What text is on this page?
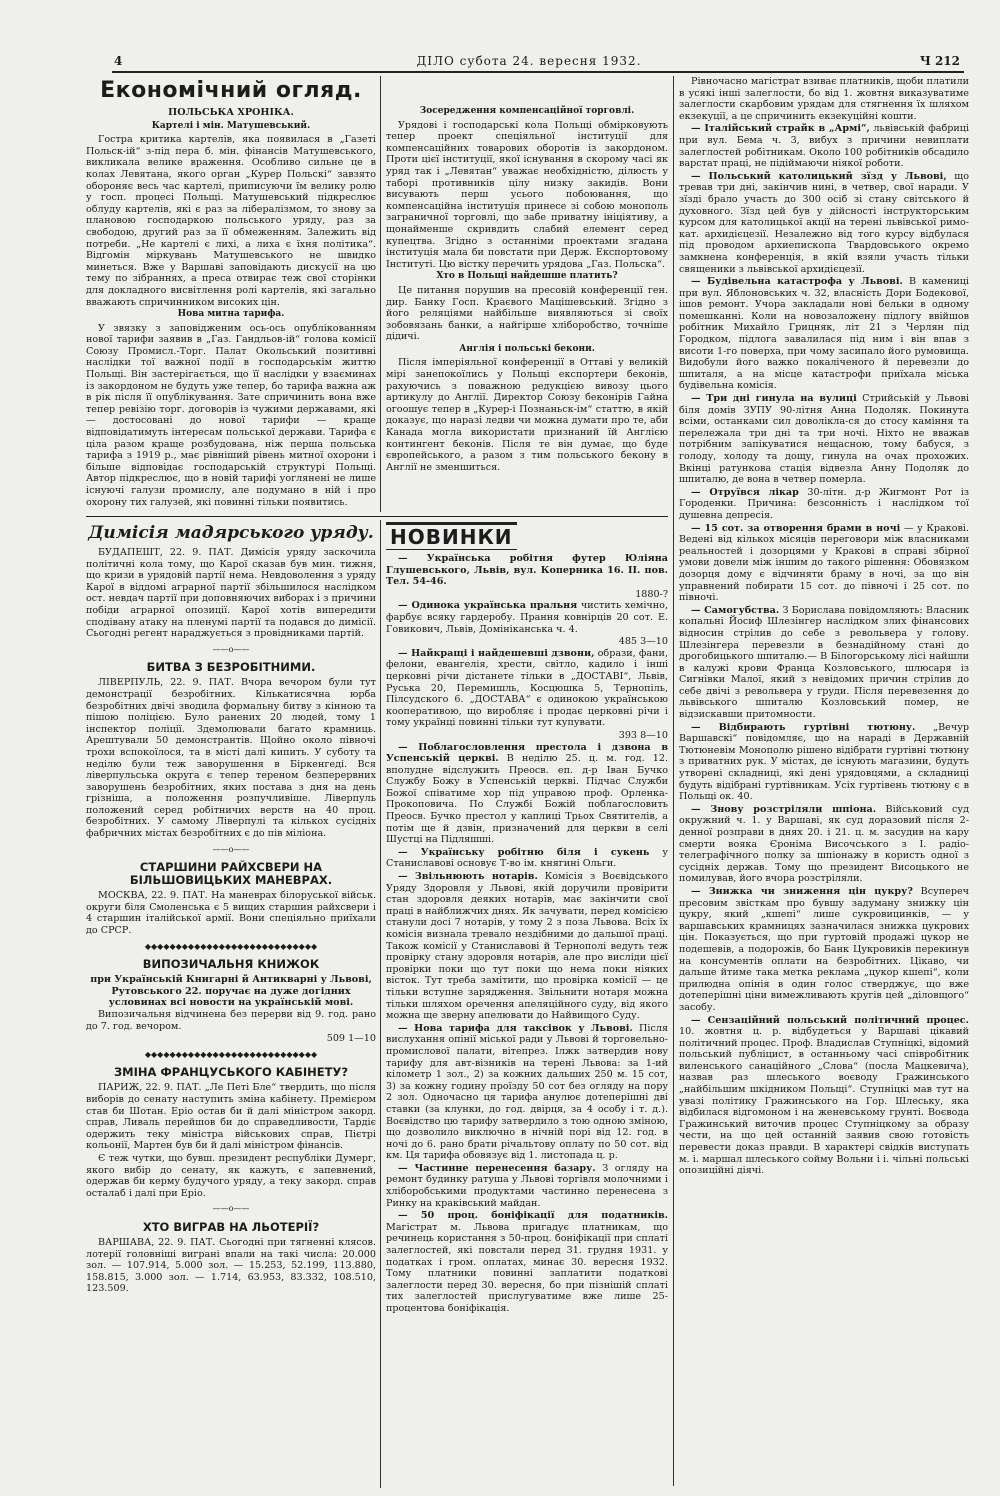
4	ДІЛО субота 24. вересня 1932.	Ч 212
Економічний огляд.
ПОЛЬСЬКА ХРОНІКА.
Картелі і мін. Матушевський.

Гостра критика картелів, яка появилася в „Газеті Польск-ій“ з-під пера б. мін. фінансів Матушевського, викликала велике враження. Особливо сильне це в колах Левятана, якого орган „Курер Польскі“ завзято обороняє весь час картелі, приписуючи їм велику ролю у госп. процесі Польщі. Матушевський підкреслює облуду картелів, які є раз за лібералізмом, то знову за плановою господаркою польського уряду, раз за свободою, другий раз за її обмеженням. Залежить від потреби. „Не картелі є лихі, а лиха є їхня політика“. Відгомін міркувань Матушевського не швидко минеться. Вже у Варшаві заповідають дискусії на цю тему по зібраннях, а преса отвирає теж свої сторінки для докладного висвітлення ролі картелів, які загально вважають спричинником високих цін.

Нова митна тарифа.

У звязку з заповідженим ось-ось опублікованням нової тарифи заявив в „Газ. Гандльов-ій“ голова комісії Союзу Промисл.-Торг. Палат Окольський позитивні наслідки тої важної події в господарськім життю Польщі. Він застерігається, що її наслідки у взаєминах із закордоном не будуть уже тепер, бо тарифа важна аж в рік після її опублікування. Зате спричинить вона вже тепер ревізію торг. договорів із чужими державами, які — достосовані до нової тарифи — краще відповідатимуть інтересам польської держави. Тарифа є ціла разом краще розбудована, ніж перша польська тарифа з 1919 р., має рівніший рівень митної охорони і більше відповідає господарській структурі Польщі. Автор підкреслює, що в новій тарифі уоглянені не лише існуючі галузи промислу, але подумано в ній і про охорону тих галузей, які повинні тільки появитись.

Зосередження компенсаційної торговлі.

Урядові і господарські кола Польщі обмірковують тепер проект спеціяльної інституції для компенсаційних товарових оборотів із закордоном. Проти цієї інституції, якої існування в скорому часі як уряд так і „Левятан“ уважає необхідністю, ділюсть у таборі противників цілу низку закидів. Вони висувають перш усього побоювання, що компенсаційна інституція принесе зі собою монополь заграничної торговлі, що забе приватну ініціятиву, а щонайменше скривдить слабий елемент серед купецтва. Згідно з останніми проектами згадана інституція мала би повстати при Держ. Експортовому Інституті. Цю вістку перечить урядова „Газ. Польска“.

Хто в Польщі найдешше платить?

Це питання порушив на пресовій конференції ген. дир. Банку Госп. Краєвого Мацішевський. Згідно з його реляціями найбільше виявляються зі своїх зобовязань банки, а найгірше хліборобство, точніше дідичі.

Англія і польські бекони.

Після імперіяльної конференції в Оттаві у великій мірі занепокоїлись у Польщі експортери беконів, рахуючись з поважною редукцією вивозу цього артикулу до Англії. Директор Союзу беконірів Гайна огоошує тепер в „Курер-і Познаньск-ім“ статтю, в якій доказує, що наразі ледви чи можна думати про те, аби Канада могла використати признаний їй Англією контингент беконів. Після те він думає, що буде європейського, а разом з тим польського бекону в Англії не зменшиться.

Рівночасно магістрат взиває платників, щоби платили в усякі інші залеглости, бо від 1. жовтня виказуватиме залеглости скарбовим урядам для стягнення їх шляхом екзекуції, а це спричинить екзекуційні кошти.
— Італійський страйк в „Армі“, львівській фабриці при вул. Бема ч. 3, вибух з причини невиплати залеглостей робітникам. Около 100 робітників обсадило варстат праці, не підіймаючи ніякої роботи.
— Польський католицький зїзд у Львові, що тревав три дні, закінчив нині, в четвер, свої наради. У зїзді брало участь до 300 осіб зі стану світського й духовного. Зїзд цей був у дійсності інструкторським курсом для католицької акції на терені львівської римо-кат. архидієцезії. Незалежно від того курсу відбулася під проводом архиепископа Твардовського окремо замкнена конференція, в якій взяли участь тільки священики з львівської архидієцезії.
— Будівельна катастрофа у Львові. В камениці при вул. Яблоновських ч. 32, власність Дори Бодекової, ішов ремонт. Учора закладали нові бельки в одному помешканні. Коли на новозаложену підлогу ввійшов робітник Михайло Грицняк, літ 21 з Черлян під Городком, підлога завалилася під ним і він впав з висоти 1-го поверха, при чому засипало його румовища. Видобули його важко покаліченого й перевезли до шпиталя, а на місце катастрофи приїхала міська будівельна комісія.
— Три дні гинула на вулиці Стрийській у Львові біля домів ЗУПУ 90-літня Анна Подоляк. Покинута всіми, останками сил доволікла-ся до стосу каміння та перележала три дні та три ночі. Ніхто не вважав потрібним запікуватися нещасною, тому бабуся, з голоду, холоду та дощу, гинула на очах прохожих. Вкінці ратункова стація відвезла Анну Подоляк до шпиталю, де вона в четвер померла.
— Отруївся лікар 30-літн. д-р Жигмонт Рот із Городенки. Причина: безсонність і наслідком тої душевна депресія.
— 15 сот. за отворення брами в ночі — у Кракові. Ведені від кількох місяців переговори між власниками реальностей і дозорцями у Кракові в справі збірної умови довели між іншим до такого рішення: Обовязком дозорця дому є відчиняти браму в ночі, за що він управнений побирати 15 сот. до півночі і 25 сот. по півночі.
— Самогубства. З Борислава повідомляють: Власник копальні Йосиф Шлезінгер наслідком злих фінансових відносин стрілив до себе з револьвера у голову. Шлезінгера перевезли в безнадійному стані до дрогобицького шпиталю.— В Білогорському лісі найшли в калужі крови Франца Козловського, шлюсаря із Сигнівки Малої, який з невідомих причин стрілив до себе двічі з револьвера у груди. Після перевезення до львівського шпиталю Козловський помер, не відзискавши притомности.
— Відбирають гуртівні тютюну. „Вечур Варшавскі“ повідомляє, що на нараді в Державній Тютюневім Монополю рішено відібрати гуртівні тютюну з приватних рук. У містах, де існують магазини, будуть утворені складниці, які дені урядовцями, а складниці будуть відібрані гуртівникам. Усіх гуртівень тютюну є в Польщі ок. 40.
— Знову розстріляли шпіона. Військовий суд окружний ч. 1. у Варшаві, як суд доразовий після 2-денної розправи в днях 20. і 21. ц. м. засудив на кару смерти вояка Єроніма Височського з І. радіо-телеграфічного полку за шпіонажу в користь одної з сусідніх держав. Тому що президент Висоцького не помилував, його вчора розстріляли.
— Знижка чи зниження цін цукру? Всупереч пресовим звісткам про бувшу задуману знижку цін цукру, який „кшепі“ лише сукровицинків, — у варшавських крамницях зазначилася знижка цукрових цін. Показується, що при гуртовій продажі цукор не подешевів, а подорожів, бо Банк Цукровиків перекинув на консументів оплати на безробітних. Цікаво, чи дальше йтиме така метка реклама „цукор кшепі“, коли прилюдна опінія в один голос стверджує, що вже дотеперішні ціни вимежливають кругів цей „діловщого“ засобу.
— Сензаційний польський політичний процес. 10. жовтня ц. р. відбудеться у Варшаві цікавий політичний процес. Проф. Владислав Ступніцкі, відомий польський публіцист, в останньому часі співробітник виленського санаційного „Слова“ (посла Мацкевича), назвав раз шлеського воєводу Гражинського „найбільшим шкідником Польщі“. Ступніцкі мав тут на увазі політику Гражинського на Гор. Шлеську, яка відбилася відгомоном і на женевському грунті. Воєвода Гражинський виточив процес Ступніцкому за образу чести, на що цей останній заявив свою готовість перевести доказ правди. В характері свідків виступать м. і. маршал шлеського сойму Вольни і і. чільні польські опозиційні діячі.
Димісія мадярського уряду.

БУДАПЕШТ, 22. 9. ПАТ. Димісія уряду заскочила політичні кола тому, що Карої сказав був мин. тижня, що кризи в урядовій партії нема. Невдоволення з уряду Карої в віддомі аграрної партії збільшилося наслідком ост. невдач партії при доповняючих виборах і з причини побіди аграрної опозиції. Карої хотів випередити сподівану атаку на пленумі партії та подався до димісії. Сьогодні регент нараджується з провідниками партій.

——o——
БИТВА З БЕЗРОБІТНИМИ.

ЛІВЕРПУЛЬ, 22. 9. ПАТ. Вчора вечором були тут демонстрації безробітних. Кількатисячна юрба безробітних двічі зводила формальну битву з кінною та пішою поліцією. Було ранених 20 людей, тому 1 інспектор поліції. Здемолювали багато крамниць. Арештували 50 демонстрантів. Щойно около півночі трохи вспокоїлося, та в місті далі кипить. У суботу та неділю були теж заворушення в Біркенгеді. Вся ліверпульська округа є тепер тереном безперервних заворушень безробітних, яких постава з дня на день грізніша, а положення розпучливіше. Ліверпуль положений серед робітничих верств на 40 проц. безробітних. У самому Ліверпулі та кількох сусідніх фабричних містах безробітних є до пів міліона.

——o——
СТАРШИНИ РАЙХСВЕРИ НА БІЛЬШОВИЦЬКИХ МАНЕВРАХ.

МОСКВА, 22. 9. ПАТ. На маневрах білоруської військ. округи біля Смоленська є 5 вищих старшин райхсвери і 4 старшин італійської армії. Вони спеціяльно приїхали до СРСР.

◆◆◆◆◆◆◆◆◆◆◆◆◆◆◆◆◆◆◆◆◆◆◆◆◆◆◆◆
ВИПОЗИЧАЛЬНЯ КНИЖОК
при Українській Книгарні й Антикварні у Львові, Рутовського 22. поручає на дуже догідних условинах всі новости на українській мові.

Випозичальня відчинена без перерви від 9. год. рано до 7. год. вечором.

509 1—10
◆◆◆◆◆◆◆◆◆◆◆◆◆◆◆◆◆◆◆◆◆◆◆◆◆◆◆◆
ЗМІНА ФРАНЦУСЬКОГО КАБІНЕТУ?

ПАРИЖ, 22. 9. ПАТ. „Ле Петі Бле“ твердить, що після виборів до сенату наступить зміна кабінету. Премієром став би Шотан. Еріо остав би й далі міністром закорд. справ, Ливаль перейшов би до справедливости, Тардіє одержить теку міністра військових справ, Пієтрі кольонії, Мартен був би й далі міністром фінансів.

Є теж чутки, що бувш. президент республіки Думерг, якого вибір до сенату, як кажуть, є запевнений, одержав би керму будучого уряду, а теку закорд. справ осталаб і далі при Еріо.

——o——
ХТО ВИГРАВ НА ЛЬОТЕРІЇ?

ВАРШАВА, 22. 9. ПАТ. Сьогодні при тягненні клясов. лотерії головніші виграні впали на такі числа: 20.000 зол. — 107.914, 5.000 зол. — 15.253, 52.199, 113.880, 158.815, 3.000 зол. — 1.714, 63.953, 83.332, 108.510, 123.509.

НОВИНКИ
— Українська робітня футер Юліяна Глушевського, Львів, вул. Коперника 16. II. пов. Тел. 54-46.
1880-?
— Одинока українська пральня чистить хемічно, фарбує всяку гардеробу. Прання ковнірців 20 сот. Е. Говикович, Львів, Домініканська ч. 4.
485 3—10
— Найкращі і найдешевші дзвони, образи, фани, фелони, евангелія, хрести, світло, кадило і інші церковні річи дістанете тільки в „ДОСТАВІ“, Львів, Руська 20, Перемишль, Косцюшка 5, Тернопіль, Пілсудского 6. „ДОСТАВА“ є одинокою українською кооперативою, що виробляє і продає церковні річи і тому українці повинні тільки тут купувати.
393 8—10
— Поблагословлення престола і дзвона в Успенській церкві. В неділю 25. ц. м. год. 12. вполудне відслужить Преосв. еп. д-р Іван Бучко Службу Божу в Успенській церкві. Підчас Служби Божої співатиме хор під управою проф. Орленка-Прокоповича. По Службі Божій поблагословить Преосв. Бучко престол у каплиці Трьох Святителів, а потім ще й дзвін, призначений для церкви в селі Шустці на Підляшші.
— Українську робітню біля і сукень у Станиславові основує Т-во ім. княгині Ольги.
— Звільнюють нотарів. Комісія з Воєвідського Уряду Здоровля у Львові, якій доручили провірити стан здоровля деяких нотарів, має закінчити свої праці в найближчих днях. Як зачувати, перед комісією станули досі 7 нотарів, у тому 2 з поза Львова. Всіх їх комісія визнала тревало нездібними до дальшої праці. Також комісії у Станиславові й Тернополі ведуть теж провірку стану здоровля нотарів, але про висліди цієї провірки поки що тут поки що нема поки ніяких вісток. Тут треба замітити, що провірка комісії — це тільки вступне зарядження. Звільнити нотаря можна тільки шляхом оречення апеляційного суду, від якого можна ще зверну апелювати до Найвищого Суду.
— Нова тарифа для таксівок у Львові. Після вислухання опінії міської ради у Львові й торговельно-промислової палати, вітепрез. Ілжк затвердив нову тарифу для авт-візників на терені Львова: за 1-ий кілометр 1 зол., 2) за кожних дальших 250 м. 15 сот, 3) за кожну годину проїзду 50 сот без огляду на пору 2 зол. Одночасно ця тарифа анулює дотеперішні дві ставки (за клунки, до год. двірця, за 4 особу і т. д.). Воєвідство цю тарифу затвердило з тою одною зміною, що дозволило виключно в нічній порі від 12. год. в ночі до 6. рано брати річальтову оплату по 50 сот. від км. Ця тарифа обовязує від 1. листопада ц. р.
— Частинне перенесення базару. З огляду на ремонт будинку ратуша у Львові торгівля молочними і хліборобськими продуктами частинно перенесена з Ринку на краківський майдан.
— 50 проц. боніфікації для податників. Магістрат м. Львова пригадує платникам, що речинець користання з 50-проц. боніфікації при сплаті залеглостей, які повстали перед 31. грудня 1931. у податках і гром. оплатах, минає 30. вересня 1932. Тому платники повинні заплатити податкові залеглости перед 30. вересня, бо при пізнішій сплаті тих залеглостей прислугуватиме вже лише 25-процентова боніфікація.
